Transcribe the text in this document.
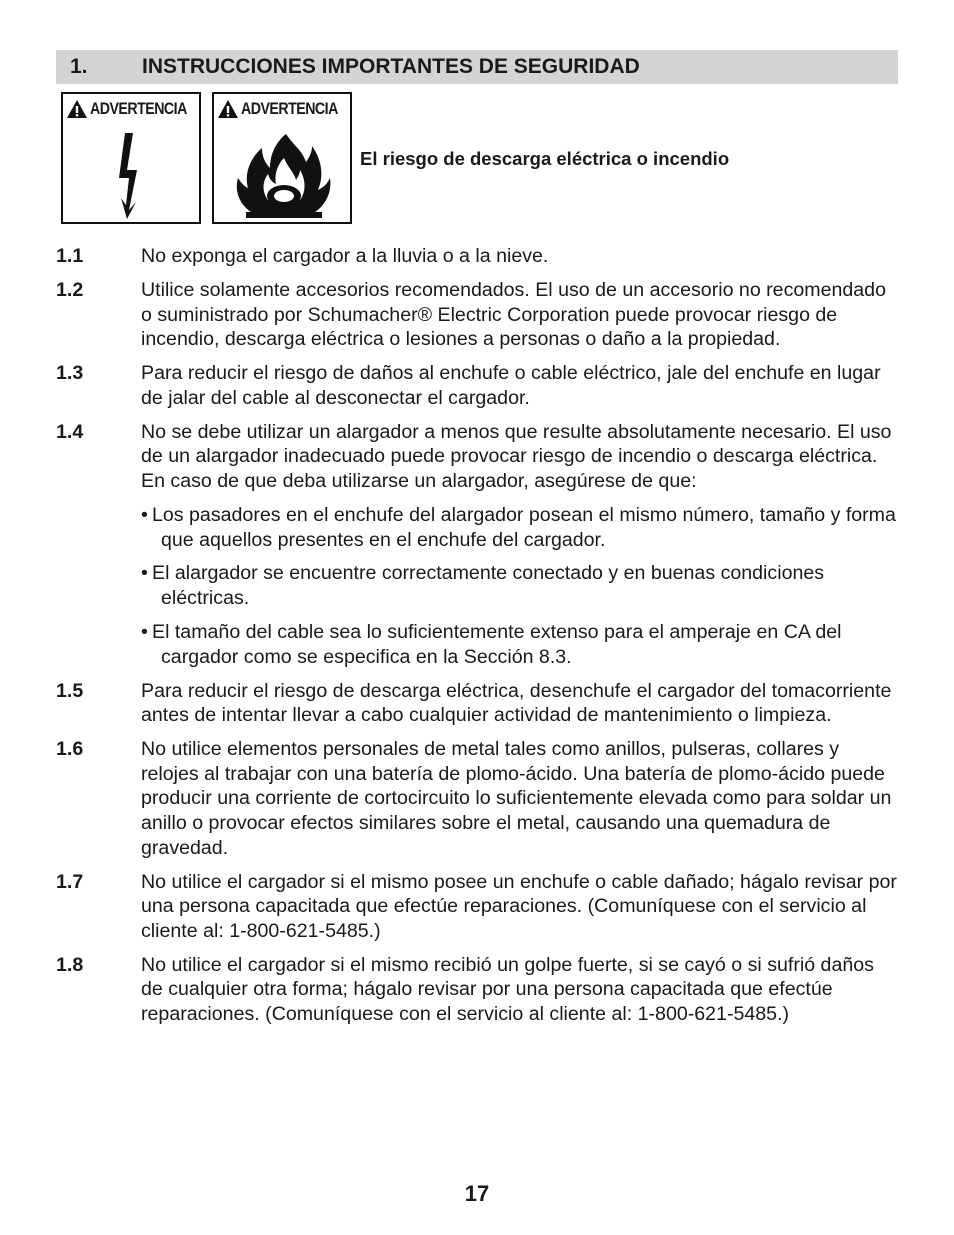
1.	INSTRUCCIONES IMPORTANTES DE SEGURIDAD
ADVERTENCIA	ADVERTENCIA
El riesgo de descarga eléctrica o incendio
1.1	No exponga el cargador a la lluvia o a la nieve.
1.2	Utilice solamente accesorios recomendados. El uso de un accesorio no recomendado o suministrado por Schumacher® Electric Corporation puede provocar riesgo de incendio, descarga eléctrica o lesiones a personas o daño a la propiedad.
1.3	Para reducir el riesgo de daños al enchufe o cable eléctrico, jale del enchufe en lugar de jalar del cable al desconectar el cargador.
1.4	No se debe utilizar un alargador a menos que resulte absolutamente necesario. El uso de un alargador inadecuado puede provocar riesgo de incendio o descarga eléctrica. En caso de que deba utilizarse un alargador, asegúrese de que:
• Los pasadores en el enchufe del alargador posean el mismo número, tamaño y forma que aquellos presentes en el enchufe del cargador.
• El alargador se encuentre correctamente conectado y en buenas condiciones eléctricas.
• El tamaño del cable sea lo suficientemente extenso para el amperaje en CA del cargador como se especifica en la Sección 8.3.
1.5	Para reducir el riesgo de descarga eléctrica, desenchufe el cargador del tomacorriente antes de intentar llevar a cabo cualquier actividad de mantenimiento o limpieza.
1.6	No utilice elementos personales de metal tales como anillos, pulseras, collares y relojes al trabajar con una batería de plomo-ácido. Una batería de plomo-ácido puede producir una corriente de cortocircuito lo suficientemente elevada como para soldar un anillo o provocar efectos similares sobre el metal, causando una quemadura de gravedad.
1.7	No utilice el cargador si el mismo posee un enchufe o cable dañado; hágalo revisar por una persona capacitada que efectúe reparaciones. (Comuníquese con el servicio al cliente al: 1-800-621-5485.)
1.8	No utilice el cargador si el mismo recibió un golpe fuerte, si se cayó o si sufrió daños de cualquier otra forma; hágalo revisar por una persona capacitada que efectúe reparaciones. (Comuníquese con el servicio al cliente al: 1-800-621-5485.)
17
